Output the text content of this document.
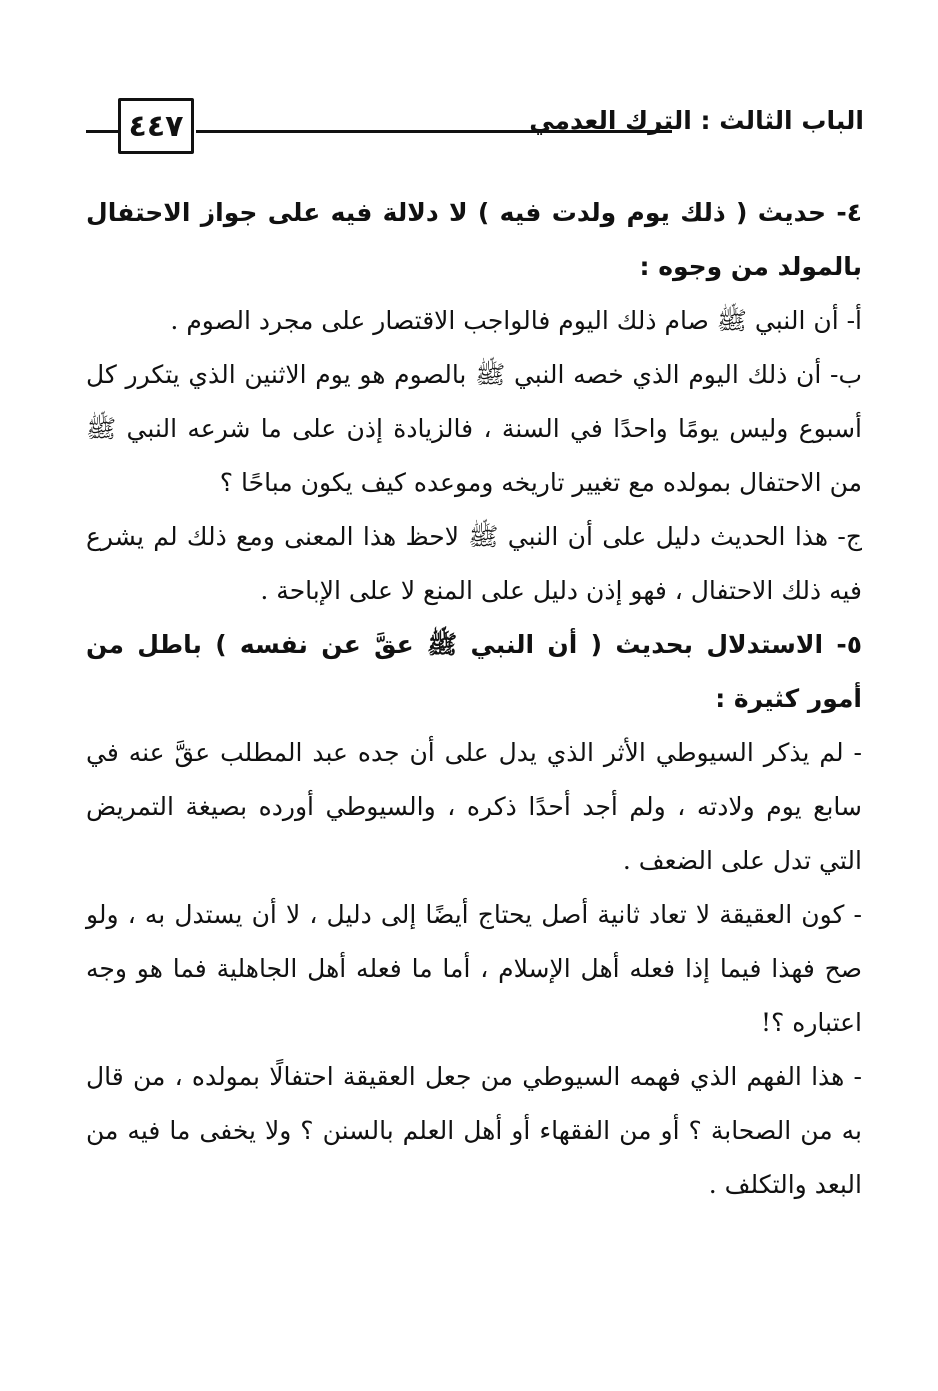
٤٤٧	الباب الثالث : الترك العدمي

٤- حديث ( ذلك يوم ولدت فيه ) لا دلالة فيه على جواز الاحتفال بالمولد من وجوه :

أ- أن النبي ﷺ صام ذلك اليوم فالواجب الاقتصار على مجرد الصوم .

ب- أن ذلك اليوم الذي خصه النبي ﷺ بالصوم هو يوم الاثنين الذي يتكرر كل أسبوع وليس يومًا واحدًا في السنة ، فالزيادة إذن على ما شرعه النبي ﷺ من الاحتفال بمولده مع تغيير تاريخه وموعده كيف يكون مباحًا ؟

ج- هذا الحديث دليل على أن النبي ﷺ لاحظ هذا المعنى ومع ذلك لم يشرع فيه ذلك الاحتفال ، فهو إذن دليل على المنع لا على الإباحة .

٥- الاستدلال بحديث ( أن النبي ﷺ عقَّ عن نفسه ) باطل من أمور كثيرة :

- لم يذكر السيوطي الأثر الذي يدل على أن جده عبد المطلب عقَّ عنه في سابع يوم ولادته ، ولم أجد أحدًا ذكره ، والسيوطي أورده بصيغة التمريض التي تدل على الضعف .

- كون العقيقة لا تعاد ثانية أصل يحتاج أيضًا إلى دليل ، لا أن يستدل به ، ولو صح فهذا فيما إذا فعله أهل الإسلام ، أما ما فعله أهل الجاهلية فما هو وجه اعتباره ؟!

- هذا الفهم الذي فهمه السيوطي من جعل العقيقة احتفالًا بمولده ، من قال به من الصحابة ؟ أو من الفقهاء أو أهل العلم بالسنن ؟ ولا يخفى ما فيه من البعد والتكلف .
